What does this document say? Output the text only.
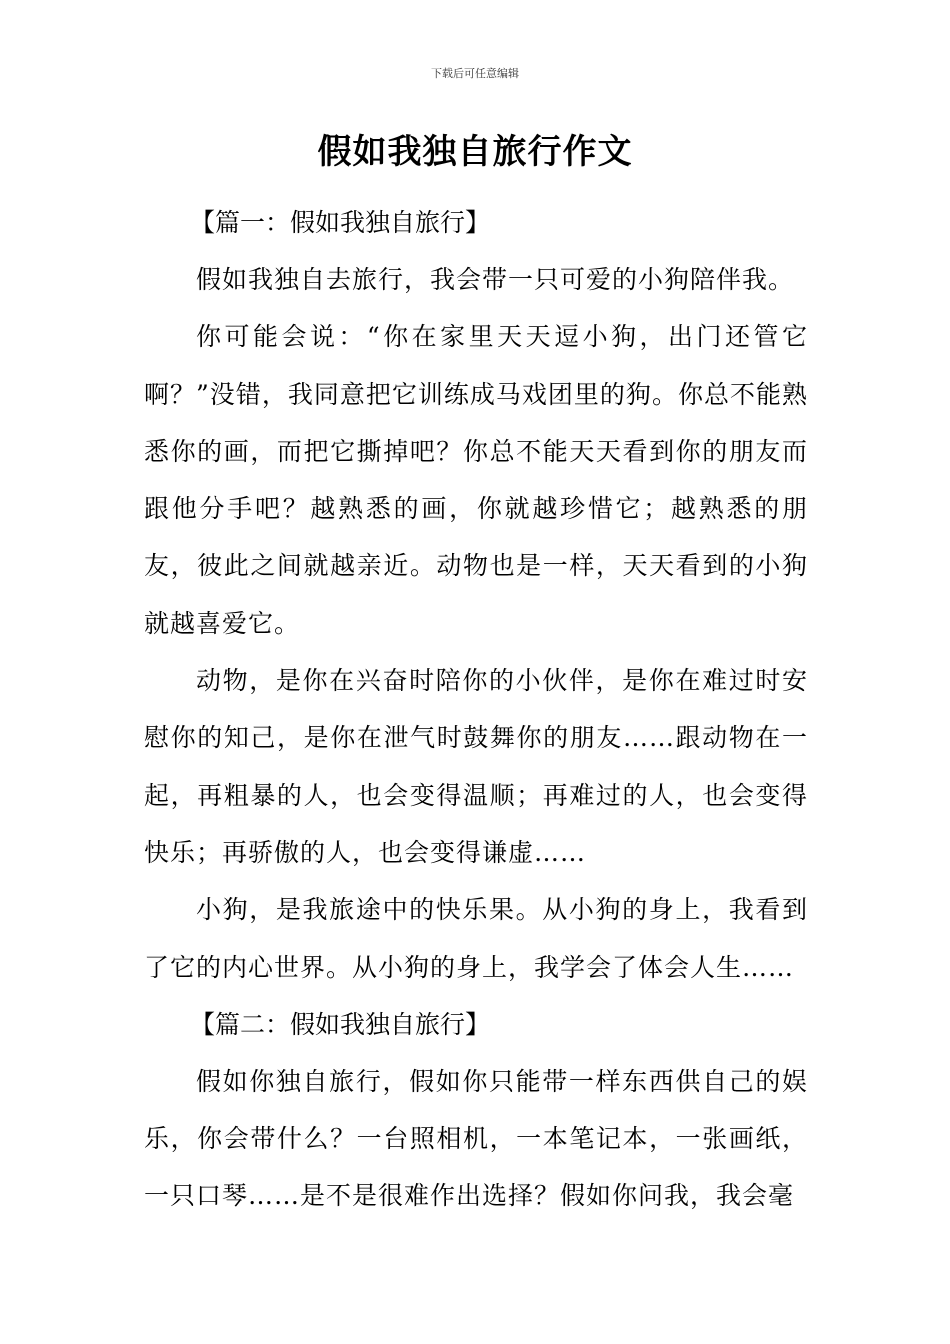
下载后可任意编辑
假如我独自旅行作文

【篇一：假如我独自旅行】

假如我独自去旅行，我会带一只可爱的小狗陪伴我。

你可能会说：“你在家里天天逗小狗，出门还管它啊？”没错，我同意把它训练成马戏团里的狗。你总不能熟悉你的画，而把它撕掉吧？你总不能天天看到你的朋友而跟他分手吧？越熟悉的画，你就越珍惜它；越熟悉的朋友，彼此之间就越亲近。动物也是一样，天天看到的小狗就越喜爱它。

动物，是你在兴奋时陪你的小伙伴，是你在难过时安慰你的知己，是你在泄气时鼓舞你的朋友……跟动物在一起，再粗暴的人，也会变得温顺；再难过的人，也会变得快乐；再骄傲的人，也会变得谦虚……

小狗，是我旅途中的快乐果。从小狗的身上，我看到了它的内心世界。从小狗的身上，我学会了体会人生……

【篇二：假如我独自旅行】

假如你独自旅行，假如你只能带一样东西供自己的娱乐，你会带什么？一台照相机，一本笔记本，一张画纸，一只口琴……是不是很难作出选择？假如你问我，我会毫
